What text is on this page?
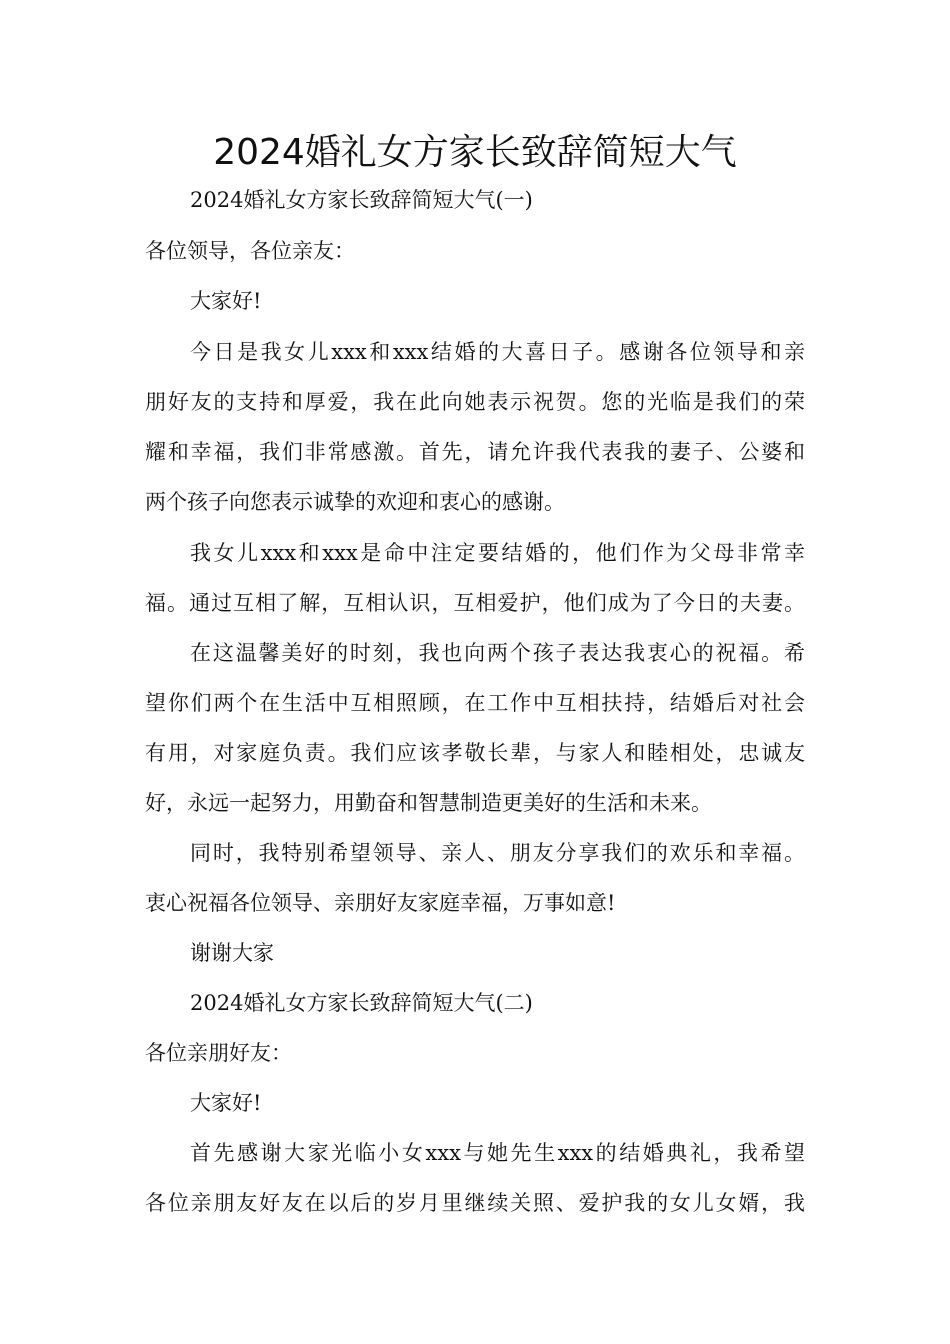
2024婚礼女方家长致辞简短大气
2024婚礼女方家长致辞简短大气(一)
各位领导，各位亲友：
大家好!
今日是我女儿xxx和xxx结婚的大喜日子。感谢各位领导和亲
朋好友的支持和厚爱，我在此向她表示祝贺。您的光临是我们的荣
耀和幸福，我们非常感激。首先，请允许我代表我的妻子、公婆和
两个孩子向您表示诚挚的欢迎和衷心的感谢。
我女儿xxx和xxx是命中注定要结婚的，他们作为父母非常幸
福。通过互相了解，互相认识，互相爱护，他们成为了今日的夫妻。
在这温馨美好的时刻，我也向两个孩子表达我衷心的祝福。希
望你们两个在生活中互相照顾，在工作中互相扶持，结婚后对社会
有用，对家庭负责。我们应该孝敬长辈，与家人和睦相处，忠诚友
好，永远一起努力，用勤奋和智慧制造更美好的生活和未来。
同时，我特别希望领导、亲人、朋友分享我们的欢乐和幸福。
衷心祝福各位领导、亲朋好友家庭幸福，万事如意!
谢谢大家
2024婚礼女方家长致辞简短大气(二)
各位亲朋好友：
大家好!
首先感谢大家光临小女xxx与她先生xxx的结婚典礼，我希望
各位亲朋友好友在以后的岁月里继续关照、爱护我的女儿女婿，我
